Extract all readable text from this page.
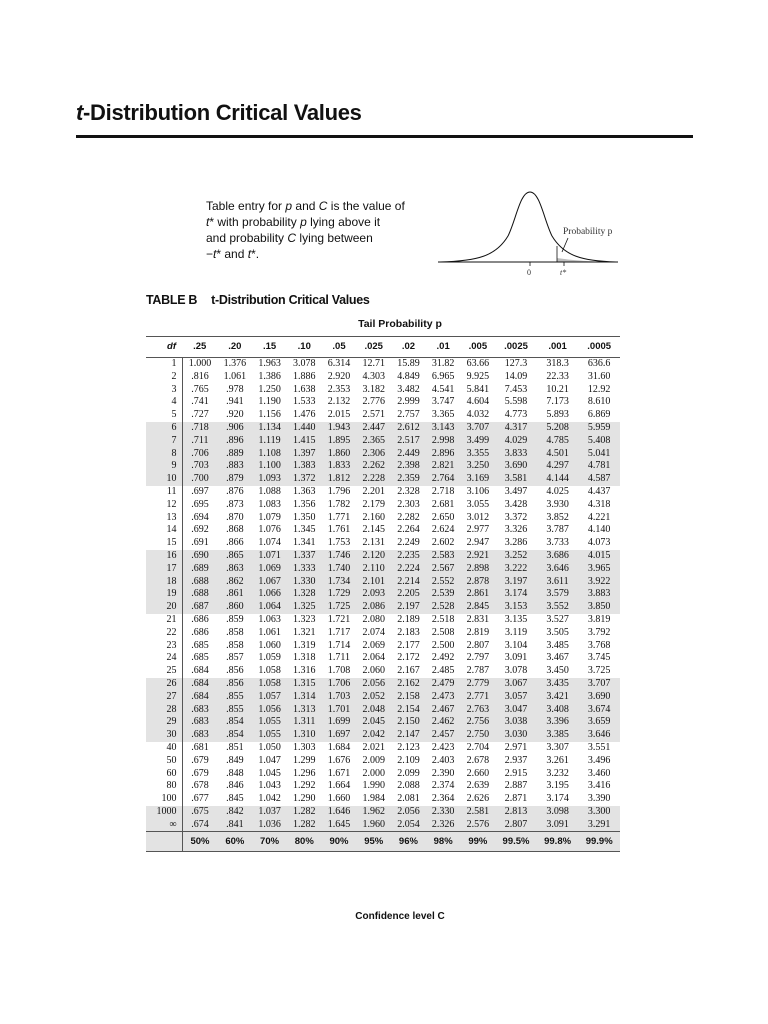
t-Distribution Critical Values
Table entry for p and C is the value of
t* with probability p lying above it
and probability C lying between
−t* and t*.
Probability p
0	t*
TABLE B t-Distribution Critical Values
Tail Probability p
df	.25	.20	.15	.10	.05	.025	.02	.01	.005	.0025	.001	.0005
1	1.000	1.376	1.963	3.078	6.314	12.71	15.89	31.82	63.66	127.3	318.3	636.6
2	.816	1.061	1.386	1.886	2.920	4.303	4.849	6.965	9.925	14.09	22.33	31.60
3	.765	.978	1.250	1.638	2.353	3.182	3.482	4.541	5.841	7.453	10.21	12.92
4	.741	.941	1.190	1.533	2.132	2.776	2.999	3.747	4.604	5.598	7.173	8.610
5	.727	.920	1.156	1.476	2.015	2.571	2.757	3.365	4.032	4.773	5.893	6.869
6	.718	.906	1.134	1.440	1.943	2.447	2.612	3.143	3.707	4.317	5.208	5.959
7	.711	.896	1.119	1.415	1.895	2.365	2.517	2.998	3.499	4.029	4.785	5.408
8	.706	.889	1.108	1.397	1.860	2.306	2.449	2.896	3.355	3.833	4.501	5.041
9	.703	.883	1.100	1.383	1.833	2.262	2.398	2.821	3.250	3.690	4.297	4.781
10	.700	.879	1.093	1.372	1.812	2.228	2.359	2.764	3.169	3.581	4.144	4.587
11	.697	.876	1.088	1.363	1.796	2.201	2.328	2.718	3.106	3.497	4.025	4.437
12	.695	.873	1.083	1.356	1.782	2.179	2.303	2.681	3.055	3.428	3.930	4.318
13	.694	.870	1.079	1.350	1.771	2.160	2.282	2.650	3.012	3.372	3.852	4.221
14	.692	.868	1.076	1.345	1.761	2.145	2.264	2.624	2.977	3.326	3.787	4.140
15	.691	.866	1.074	1.341	1.753	2.131	2.249	2.602	2.947	3.286	3.733	4.073
16	.690	.865	1.071	1.337	1.746	2.120	2.235	2.583	2.921	3.252	3.686	4.015
17	.689	.863	1.069	1.333	1.740	2.110	2.224	2.567	2.898	3.222	3.646	3.965
18	.688	.862	1.067	1.330	1.734	2.101	2.214	2.552	2.878	3.197	3.611	3.922
19	.688	.861	1.066	1.328	1.729	2.093	2.205	2.539	2.861	3.174	3.579	3.883
20	.687	.860	1.064	1.325	1.725	2.086	2.197	2.528	2.845	3.153	3.552	3.850
21	.686	.859	1.063	1.323	1.721	2.080	2.189	2.518	2.831	3.135	3.527	3.819
22	.686	.858	1.061	1.321	1.717	2.074	2.183	2.508	2.819	3.119	3.505	3.792
23	.685	.858	1.060	1.319	1.714	2.069	2.177	2.500	2.807	3.104	3.485	3.768
24	.685	.857	1.059	1.318	1.711	2.064	2.172	2.492	2.797	3.091	3.467	3.745
25	.684	.856	1.058	1.316	1.708	2.060	2.167	2.485	2.787	3.078	3.450	3.725
26	.684	.856	1.058	1.315	1.706	2.056	2.162	2.479	2.779	3.067	3.435	3.707
27	.684	.855	1.057	1.314	1.703	2.052	2.158	2.473	2.771	3.057	3.421	3.690
28	.683	.855	1.056	1.313	1.701	2.048	2.154	2.467	2.763	3.047	3.408	3.674
29	.683	.854	1.055	1.311	1.699	2.045	2.150	2.462	2.756	3.038	3.396	3.659
30	.683	.854	1.055	1.310	1.697	2.042	2.147	2.457	2.750	3.030	3.385	3.646
40	.681	.851	1.050	1.303	1.684	2.021	2.123	2.423	2.704	2.971	3.307	3.551
50	.679	.849	1.047	1.299	1.676	2.009	2.109	2.403	2.678	2.937	3.261	3.496
60	.679	.848	1.045	1.296	1.671	2.000	2.099	2.390	2.660	2.915	3.232	3.460
80	.678	.846	1.043	1.292	1.664	1.990	2.088	2.374	2.639	2.887	3.195	3.416
100	.677	.845	1.042	1.290	1.660	1.984	2.081	2.364	2.626	2.871	3.174	3.390
1000	.675	.842	1.037	1.282	1.646	1.962	2.056	2.330	2.581	2.813	3.098	3.300
∞	.674	.841	1.036	1.282	1.645	1.960	2.054	2.326	2.576	2.807	3.091	3.291
	50%	60%	70%	80%	90%	95%	96%	98%	99%	99.5%	99.8%	99.9%
Confidence level C
